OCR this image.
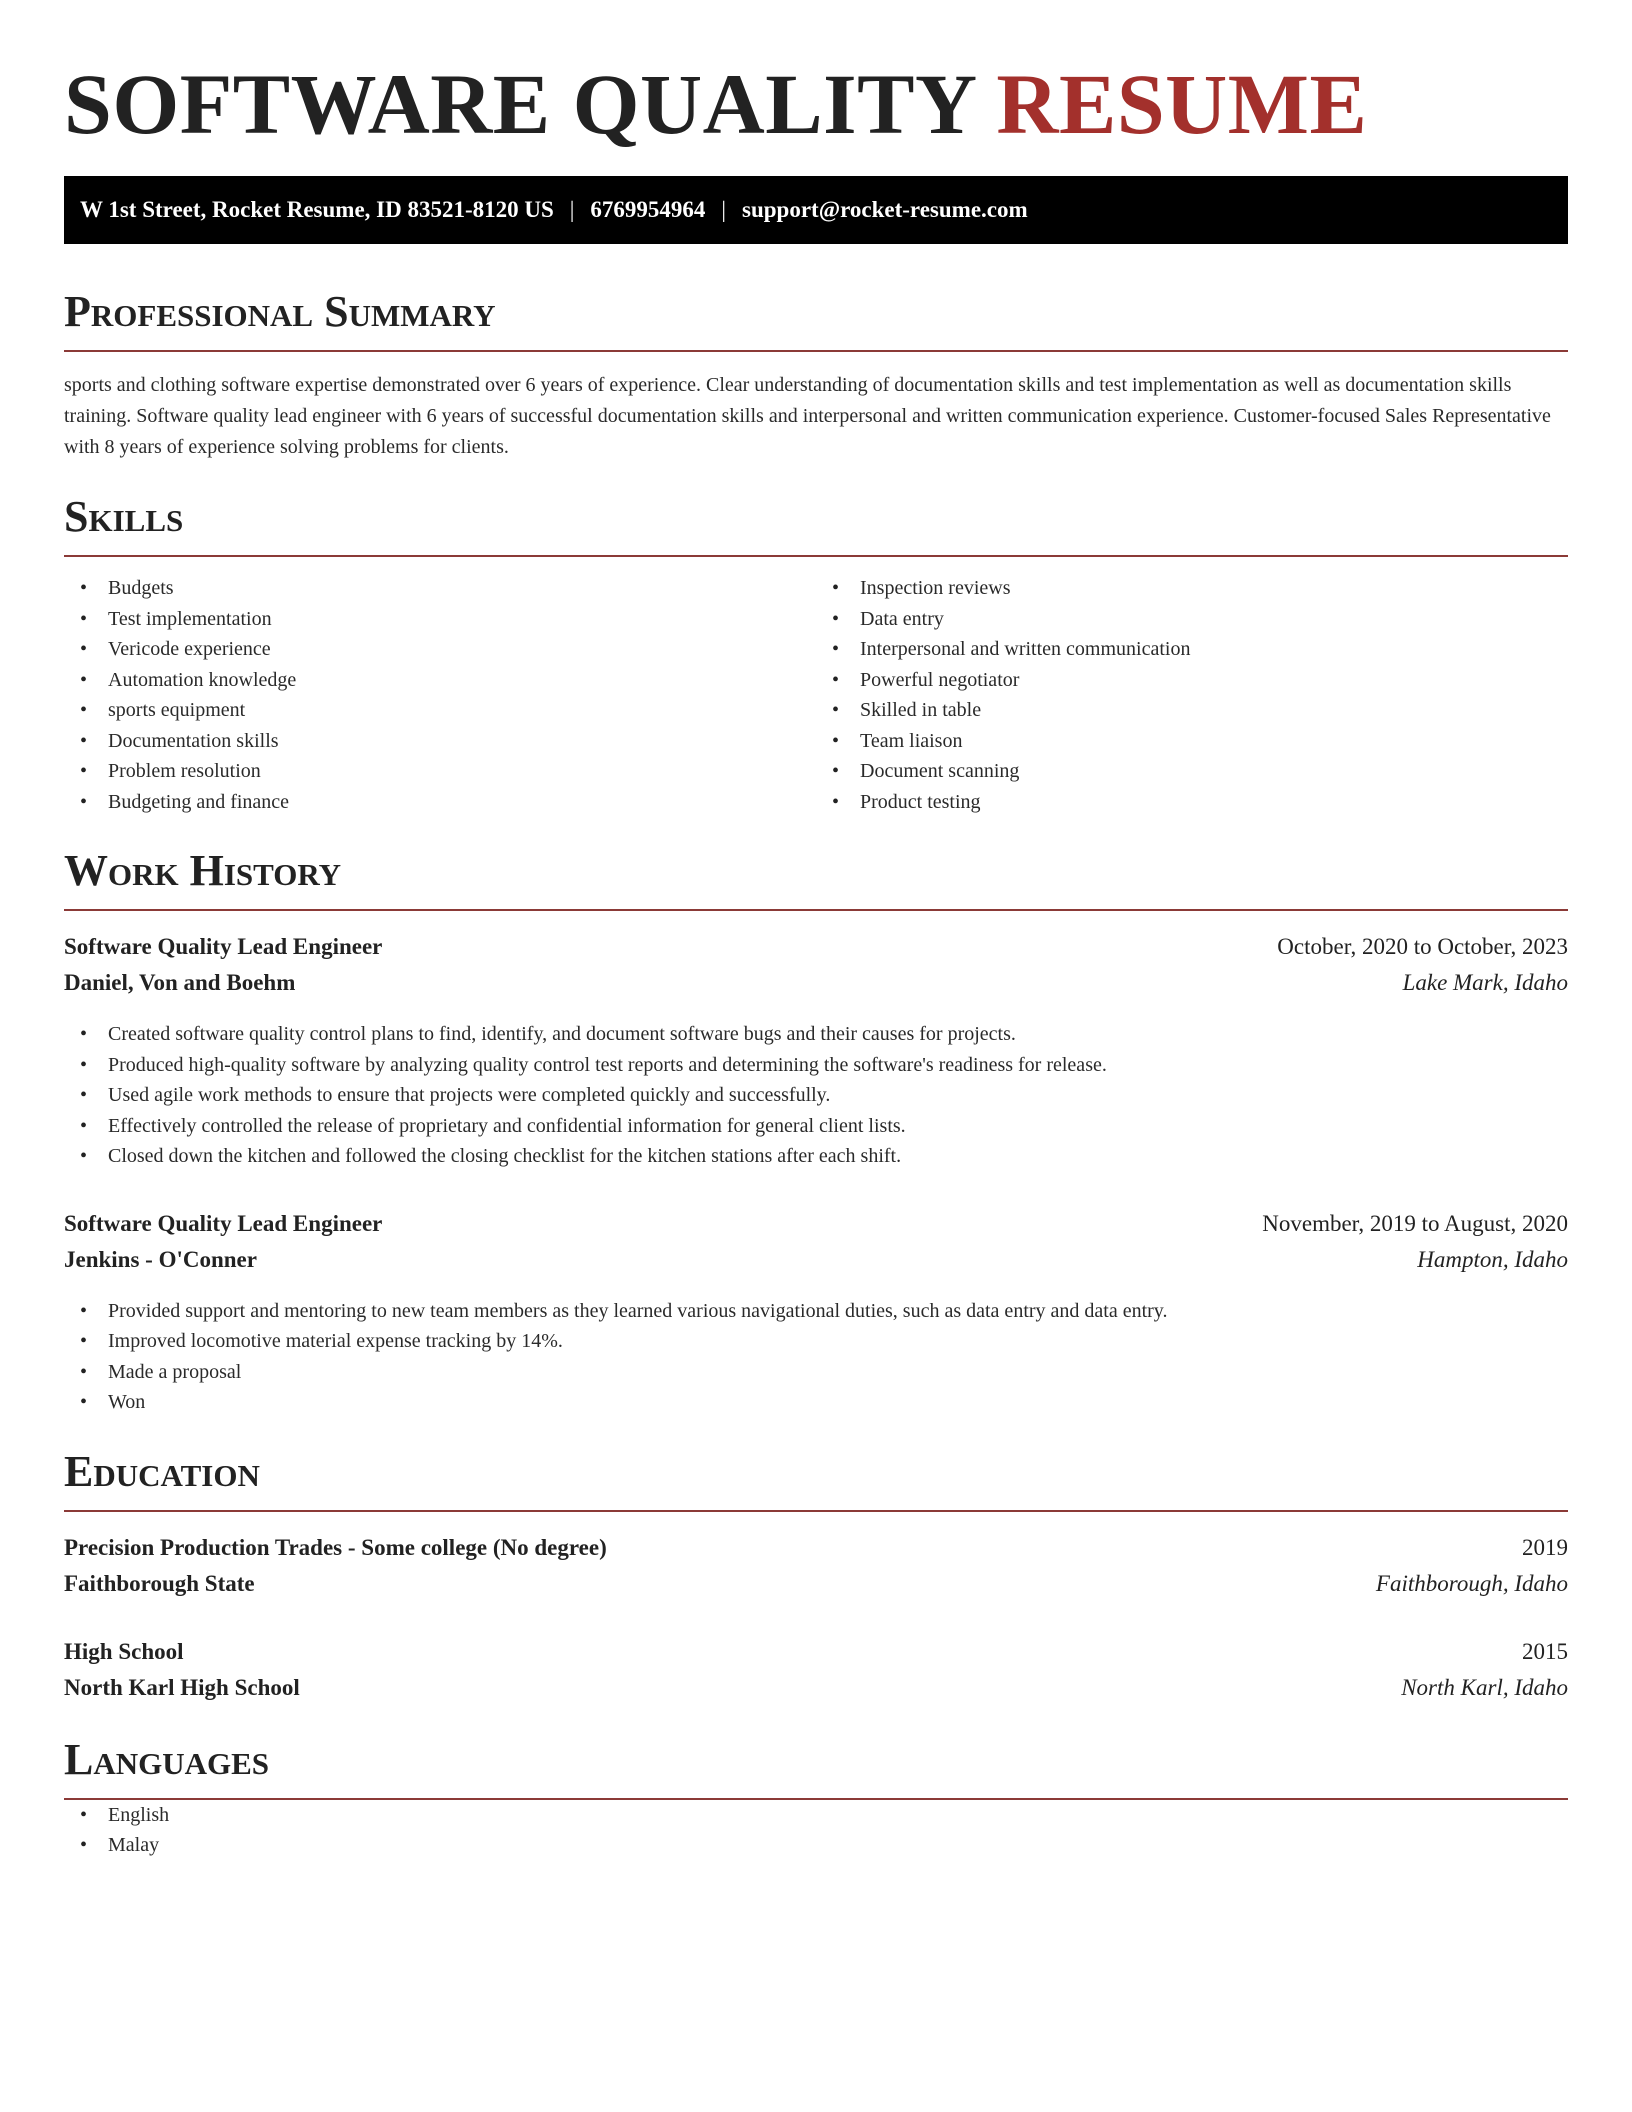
SOFTWARE QUALITY RESUME
W 1st Street, Rocket Resume, ID 83521-8120 US | 6769954964 | support@rocket-resume.com
Professional Summary

sports and clothing software expertise demonstrated over 6 years of experience. Clear understanding of documentation skills and test implementation as well as documentation skills training. Software quality lead engineer with 6 years of successful documentation skills and interpersonal and written communication experience. Customer-focused Sales Representative with 8 years of experience solving problems for clients.

Skills
• Budgets
• Test implementation
• Vericode experience
• Automation knowledge
• sports equipment
• Documentation skills
• Problem resolution
• Budgeting and finance
• Inspection reviews
• Data entry
• Interpersonal and written communication
• Powerful negotiator
• Skilled in table
• Team liaison
• Document scanning
• Product testing
Work History
Software Quality Lead Engineer	October, 2020 to October, 2023
Daniel, Von and Boehm	Lake Mark, Idaho
• Created software quality control plans to find, identify, and document software bugs and their causes for projects.
• Produced high-quality software by analyzing quality control test reports and determining the software's readiness for release.
• Used agile work methods to ensure that projects were completed quickly and successfully.
• Effectively controlled the release of proprietary and confidential information for general client lists.
• Closed down the kitchen and followed the closing checklist for the kitchen stations after each shift.
Software Quality Lead Engineer	November, 2019 to August, 2020
Jenkins - O'Conner	Hampton, Idaho
• Provided support and mentoring to new team members as they learned various navigational duties, such as data entry and data entry.
• Improved locomotive material expense tracking by 14%.
• Made a proposal
• Won
Education
Precision Production Trades - Some college (No degree)	2019
Faithborough State	Faithborough, Idaho
High School	2015
North Karl High School	North Karl, Idaho
Languages
• English
• Malay
